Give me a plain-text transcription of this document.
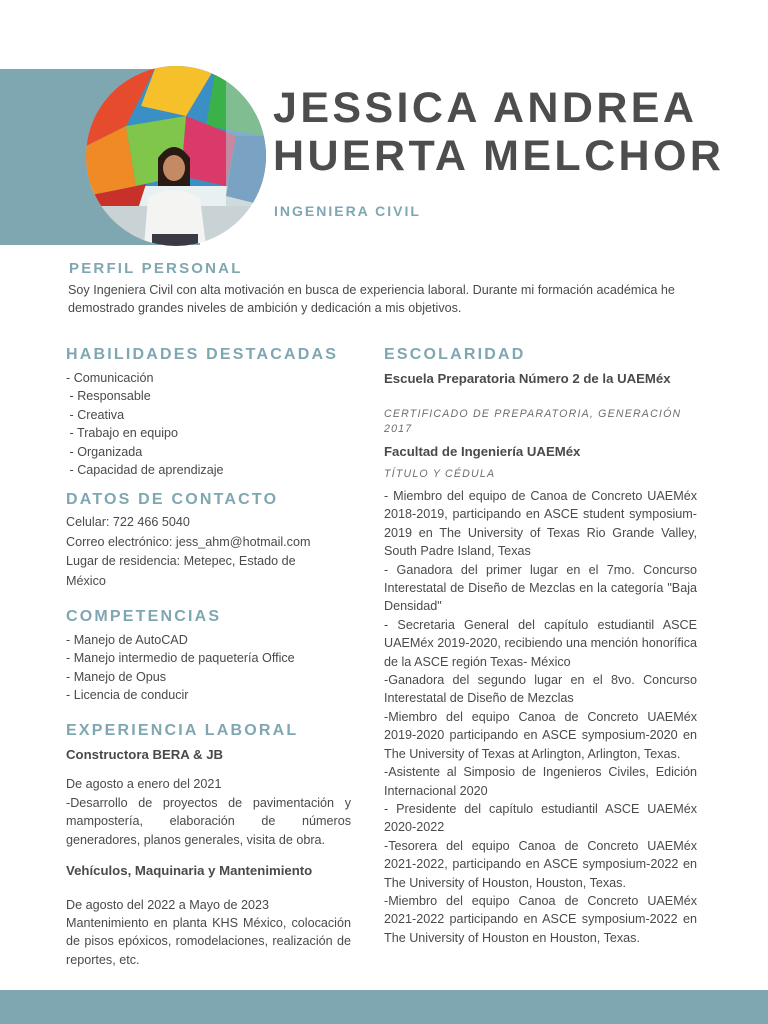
JESSICA ANDREA
HUERTA MELCHOR
INGENIERA CIVIL
PERFIL PERSONAL
Soy Ingeniera Civil con alta motivación en busca de experiencia laboral. Durante mi formación académica he demostrado grandes niveles de ambición y dedicación a mis objetivos.
HABILIDADES DESTACADAS
- Comunicación
- Responsable
- Creativa
- Trabajo en equipo
- Organizada
- Capacidad de aprendizaje
DATOS DE CONTACTO
Celular: 722 466 5040
Correo electrónico: jess_ahm@hotmail.com
Lugar de residencia: Metepec, Estado de México
COMPETENCIAS
- Manejo de AutoCAD
- Manejo intermedio de paquetería Office
- Manejo de Opus
- Licencia de conducir
EXPERIENCIA LABORAL
Constructora BERA & JB
De agosto a enero del 2021
-Desarrollo de proyectos de pavimentación y mampostería, elaboración de números generadores, planos generales, visita de obra.
Vehículos, Maquinaria y Mantenimiento
De agosto del 2022 a Mayo de 2023
Mantenimiento en planta KHS México, colocación de pisos epóxicos, romodelaciones, realización de reportes, etc.
ESCOLARIDAD
Escuela Preparatoria Número 2 de la UAEMéx
CERTIFICADO DE PREPARATORIA, GENERACIÓN 2017
Facultad de Ingeniería UAEMéx
TÍTULO Y CÉDULA
- Miembro del equipo de Canoa de Concreto UAEMéx 2018-2019, participando en ASCE student symposium-2019 en The University of Texas Rio Grande Valley, South Padre Island, Texas
- Ganadora del primer lugar en el 7mo. Concurso Interestatal de Diseño de Mezclas en la categoría "Baja Densidad"
- Secretaria General del capítulo estudiantil ASCE UAEMéx 2019-2020, recibiendo una mención honorífica de la ASCE región Texas- México
-Ganadora del segundo lugar en el 8vo. Concurso Interestatal de Diseño de Mezclas
-Miembro del equipo Canoa de Concreto UAEMéx 2019-2020 participando en ASCE symposium-2020 en The University of Texas at Arlington, Arlington, Texas.
-Asistente al Simposio de Ingenieros Civiles, Edición Internacional 2020
- Presidente del capítulo estudiantil ASCE UAEMéx 2020-2022
-Tesorera del equipo Canoa de Concreto UAEMéx 2021-2022, participando en ASCE symposium-2022 en The University of Houston, Houston, Texas.
-Miembro del equipo Canoa de Concreto UAEMéx 2021-2022 participando en ASCE symposium-2022 en The University of Houston en Houston, Texas.
